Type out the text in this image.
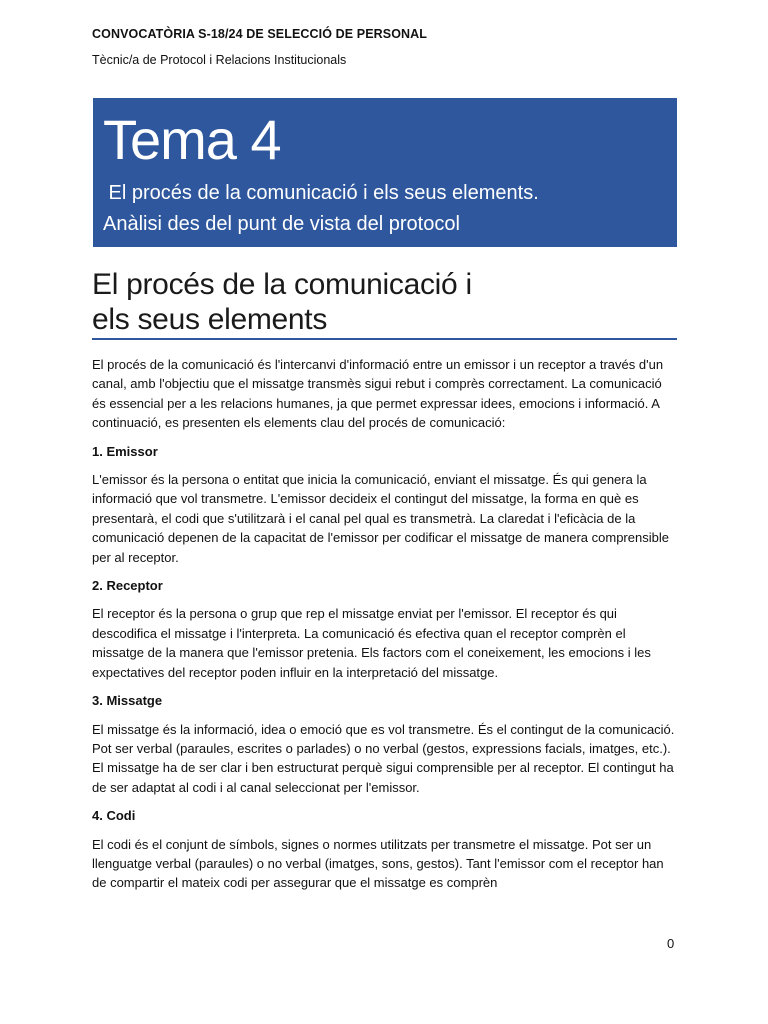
CONVOCATÒRIA S-18/24 DE SELECCIÓ DE PERSONAL
Tècnic/a de Protocol i Relacions Institucionals
Tema 4
El procés de la comunicació i els seus elements.
Anàlisi des del punt de vista del protocol
El procés de la comunicació i
els seus elements

El procés de la comunicació és l'intercanvi d'informació entre un emissor i un receptor a través d'un canal, amb l'objectiu que el missatge transmès sigui rebut i comprès correctament. La comunicació és essencial per a les relacions humanes, ja que permet expressar idees, emocions i informació. A continuació, es presenten els elements clau del procés de comunicació:

1. Emissor

L'emissor és la persona o entitat que inicia la comunicació, enviant el missatge. És qui genera la informació que vol transmetre. L'emissor decideix el contingut del missatge, la forma en què es presentarà, el codi que s'utilitzarà i el canal pel qual es transmetrà. La claredat i l'eficàcia de la comunicació depenen de la capacitat de l'emissor per codificar el missatge de manera comprensible per al receptor.

2. Receptor

El receptor és la persona o grup que rep el missatge enviat per l'emissor. El receptor és qui descodifica el missatge i l'interpreta. La comunicació és efectiva quan el receptor comprèn el missatge de la manera que l'emissor pretenia. Els factors com el coneixement, les emocions i les expectatives del receptor poden influir en la interpretació del missatge.

3. Missatge

El missatge és la informació, idea o emoció que es vol transmetre. És el contingut de la comunicació. Pot ser verbal (paraules, escrites o parlades) o no verbal (gestos, expressions facials, imatges, etc.). El missatge ha de ser clar i ben estructurat perquè sigui comprensible per al receptor. El contingut ha de ser adaptat al codi i al canal seleccionat per l'emissor.

4. Codi

El codi és el conjunt de símbols, signes o normes utilitzats per transmetre el missatge. Pot ser un llenguatge verbal (paraules) o no verbal (imatges, sons, gestos). Tant l'emissor com el receptor han de compartir el mateix codi per assegurar que el missatge es comprèn

0
